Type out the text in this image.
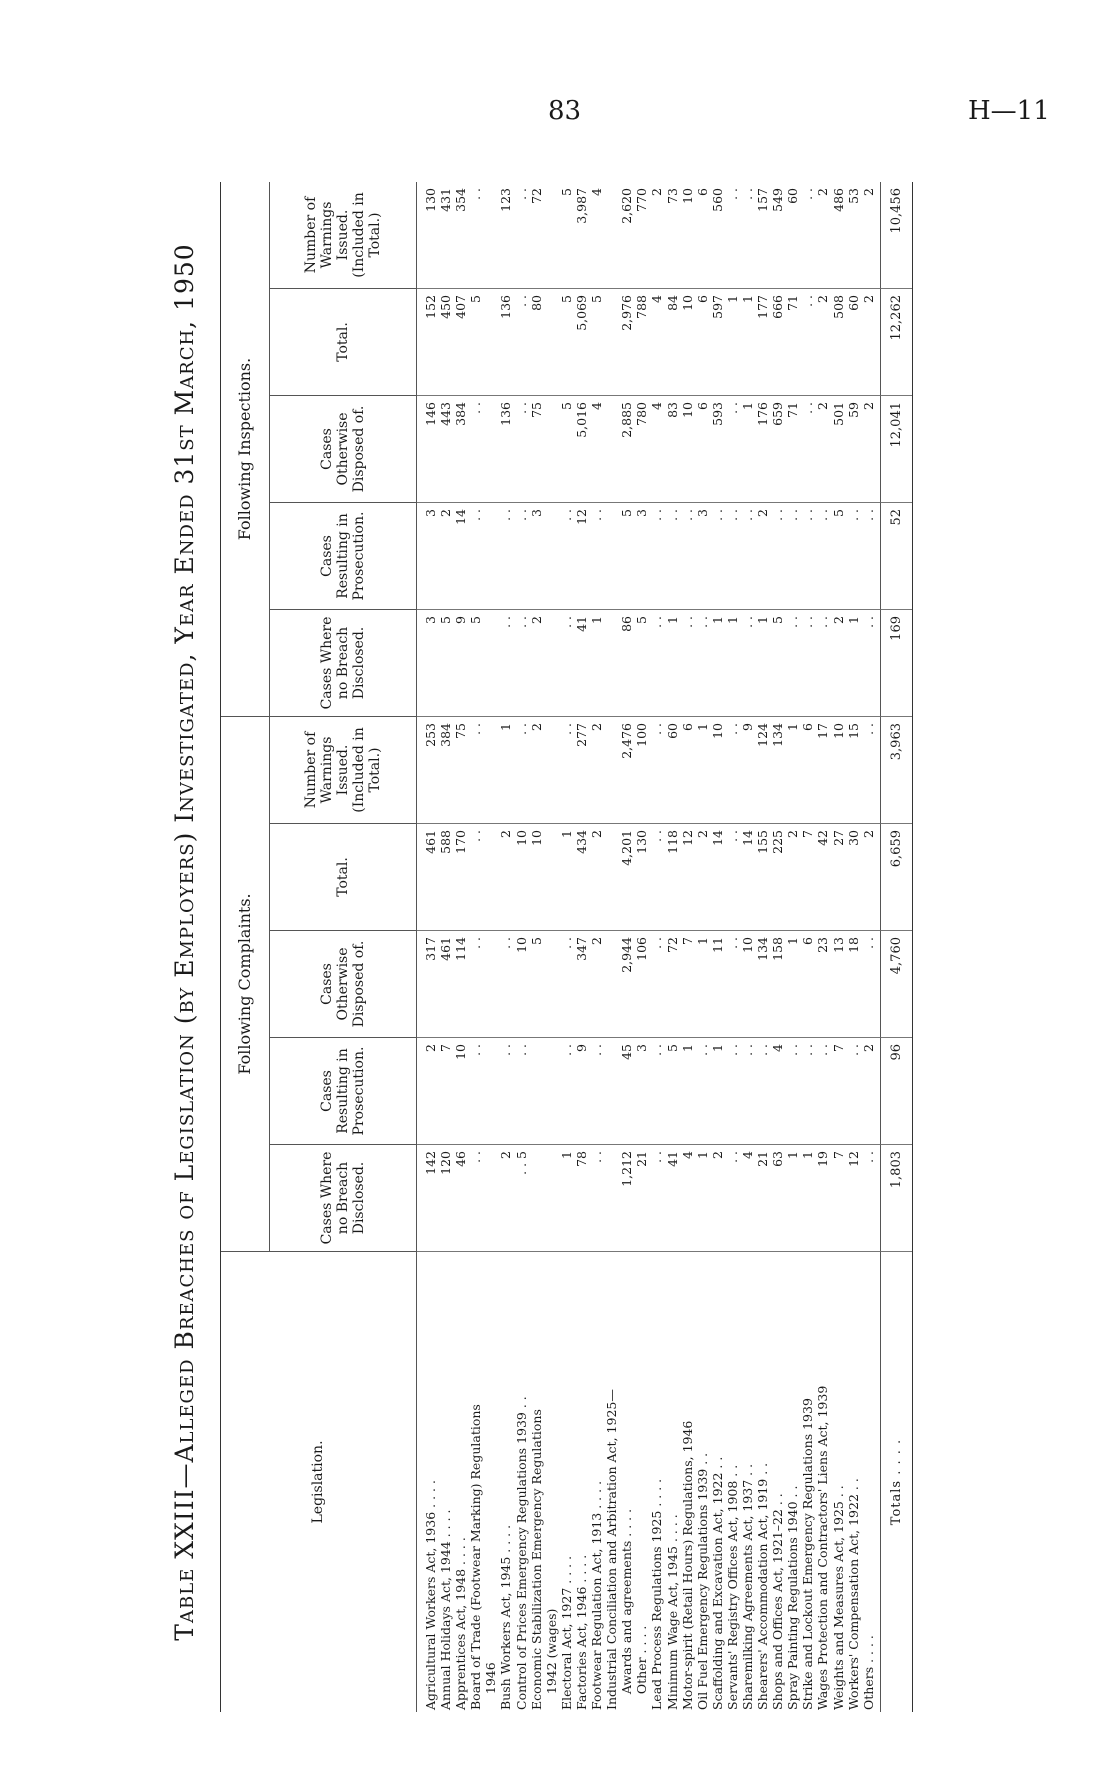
83	H—11
Table XXIII—Alleged Breaches of Legislation (by Employers) Investigated, Year Ended 31st March, 1950	Legislation.
Following Complaints.
Following Inspections.
Cases Where no Breach Disclosed.
Cases Resulting in Prosecution.
Cases Otherwise Disposed of.
Total.
Number of Warnings Issued. (Included in Total.)
Cases Where no Breach Disclosed.
Cases Resulting in Prosecution.
Cases Otherwise Disposed of.
Total.
Number of Warnings Issued. (Included in Total.)
Agricultural Workers Act, 1936 . . . .
Annual Holidays Act, 1944 . . . .
Apprentices Act, 1948 . . . .
Board of Trade (Footwear Marking) Regulations
1946
Bush Workers Act, 1945 . . . .
Control of Prices Emergency Regulations 1939 . .
Economic Stabilization Emergency Regulations
1942 (wages)
Electoral Act, 1927 . . . .
Factories Act, 1946 . . . .
Footwear Regulation Act, 1913 . . . .
Industrial Conciliation and Arbitration Act, 1925—
Awards and agreements . . . .
Other . . . .
Lead Process Regulations 1925 . . . .
Minimum Wage Act, 1945 . . . .
Motor-spirit (Retail Hours) Regulations, 1946
Oil Fuel Emergency Regulations 1939 . .
Scaffolding and Excavation Act, 1922 . .
Servants' Registry Offices Act, 1908 . .
Sharemilking Agreements Act, 1937 . .
Shearers' Accommodation Act, 1919 . .
Shops and Offices Act, 1921–22 . .
Spray Painting Regulations 1940 . .
Strike and Lockout Emergency Regulations 1939
Wages Protection and Contractors' Liens Act, 1939
Weights and Measures Act, 1925 . .
Workers' Compensation Act, 1922 . .
Others . . . .
142
120
46
. .

2
. . 5

1
78
. .

1,212
21
. .
41
4
1
2
. .
4
21
63
1
1
19
7
12
. .
2
7
10
. .

. .
. .

. .
9
. .

45
3
. .
5
1
. .
1
. .
. .
. .
4
. .
. .
. .
7
. .
2
317
461
114
. .

. .
10
5

. .
347
2

2,944
106
. .
72
7
1
11
. .
10
134
158
1
6
23
13
18
. .
461
588
170
. .

2
10
10

1
434
2

4,201
130
. .
118
12
2
14
. .
14
155
225
2
7
42
27
30
2
253
384
75
. .

1
. .
2

. .
277
2

2,476
100
. .
60
6
1
10
. .
9
124
134
1
6
17
10
15
. .
3
5
9
5

. .
. .
2

. .
41
1

86
5
. .
1
. .
. .
1
1
. .
1
5
. .
. .
. .
2
1
. .
3
2
14
. .

. .
. .
3

. .
12
. .

5
3
. .
. .
. .
3
. .
. .
. .
2
. .
. .
. .
. .
5
. .
. .
146
443
384
. .

136
. .
75

5
5,016
4

2,885
780
4
83
10
6
593
. .
1
176
659
71
. .
2
501
59
2
152
450
407
5

136
. .
80

5
5,069
5

2,976
788
4
84
10
6
597
1
1
177
666
71
. .
2
508
60
2
130
431
354
. .

123
. .
72

5
3,987
4

2,620
770
2
73
10
6
560
. .
. .
157
549
60
. .
2
486
53
2
Totals . . . .
1,803
96
4,760
6,659
3,963
169
52
12,041
12,262
10,456
